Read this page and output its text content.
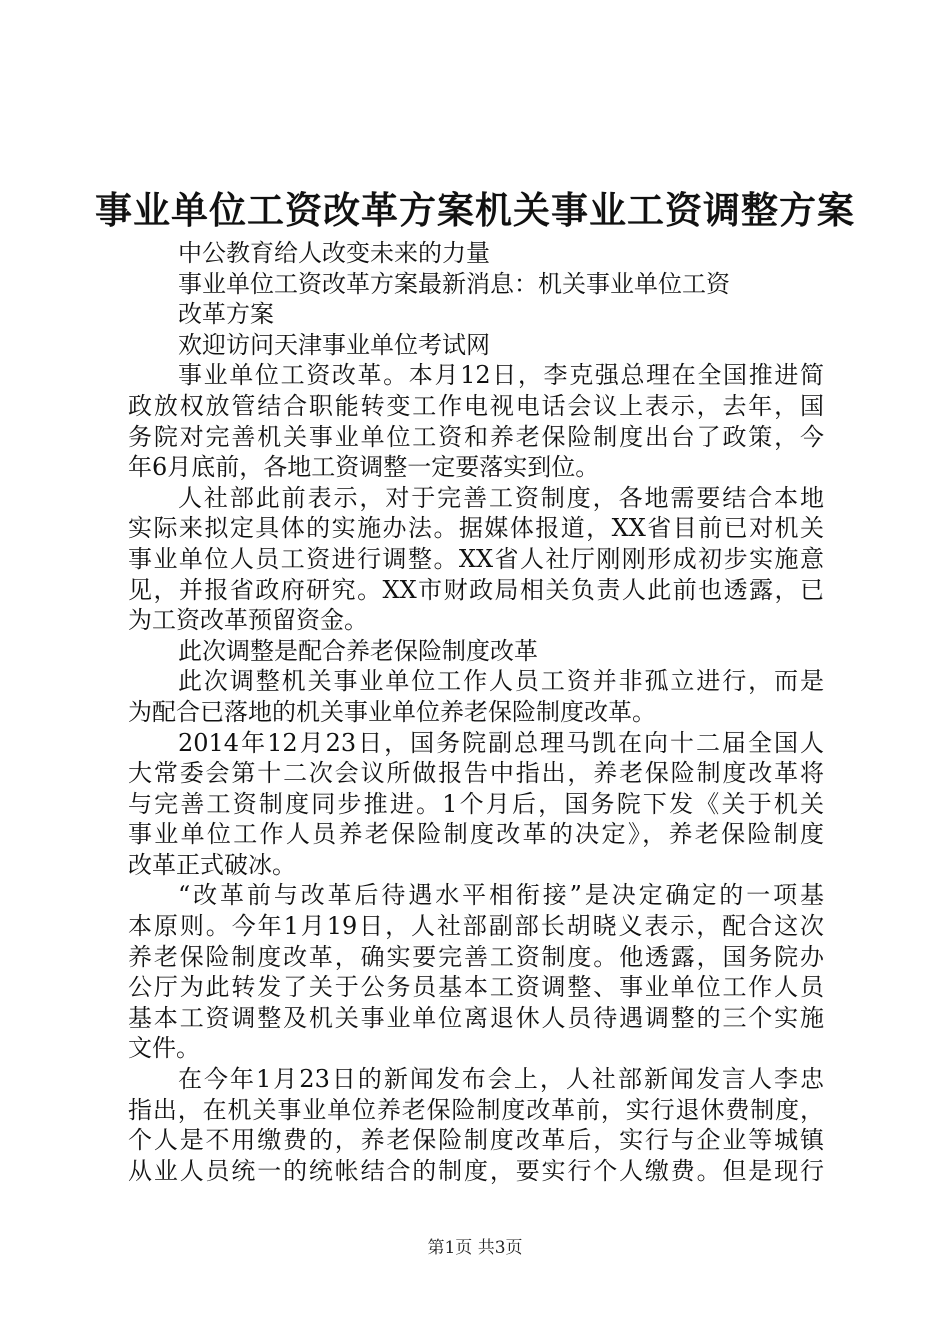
事业单位工资改革方案机关事业工资调整方案
中公教育给人改变未来的力量
事业单位工资改革方案最新消息：机关事业单位工资
改革方案
欢迎访问天津事业单位考试网
事业单位工资改革。本月12日，李克强总理在全国推进简
政放权放管结合职能转变工作电视电话会议上表示，去年，国
务院对完善机关事业单位工资和养老保险制度出台了政策，今
年6月底前，各地工资调整一定要落实到位。
人社部此前表示，对于完善工资制度，各地需要结合本地
实际来拟定具体的实施办法。据媒体报道，XX省目前已对机关
事业单位人员工资进行调整。XX省人社厅刚刚形成初步实施意
见，并报省政府研究。XX市财政局相关负责人此前也透露，已
为工资改革预留资金。
此次调整是配合养老保险制度改革
此次调整机关事业单位工作人员工资并非孤立进行，而是
为配合已落地的机关事业单位养老保险制度改革。
2014年12月23日，国务院副总理马凯在向十二届全国人
大常委会第十二次会议所做报告中指出，养老保险制度改革将
与完善工资制度同步推进。1个月后，国务院下发《关于机关
事业单位工作人员养老保险制度改革的决定》，养老保险制度
改革正式破冰。
“改革前与改革后待遇水平相衔接”是决定确定的一项基
本原则。今年1月19日，人社部副部长胡晓义表示，配合这次
养老保险制度改革，确实要完善工资制度。他透露，国务院办
公厅为此转发了关于公务员基本工资调整、事业单位工作人员
基本工资调整及机关事业单位离退休人员待遇调整的三个实施
文件。
在今年1月23日的新闻发布会上，人社部新闻发言人李忠
指出，在机关事业单位养老保险制度改革前，实行退休费制度，
个人是不用缴费的，养老保险制度改革后，实行与企业等城镇
从业人员统一的统帐结合的制度，要实行个人缴费。但是现行
第1页 共3页
